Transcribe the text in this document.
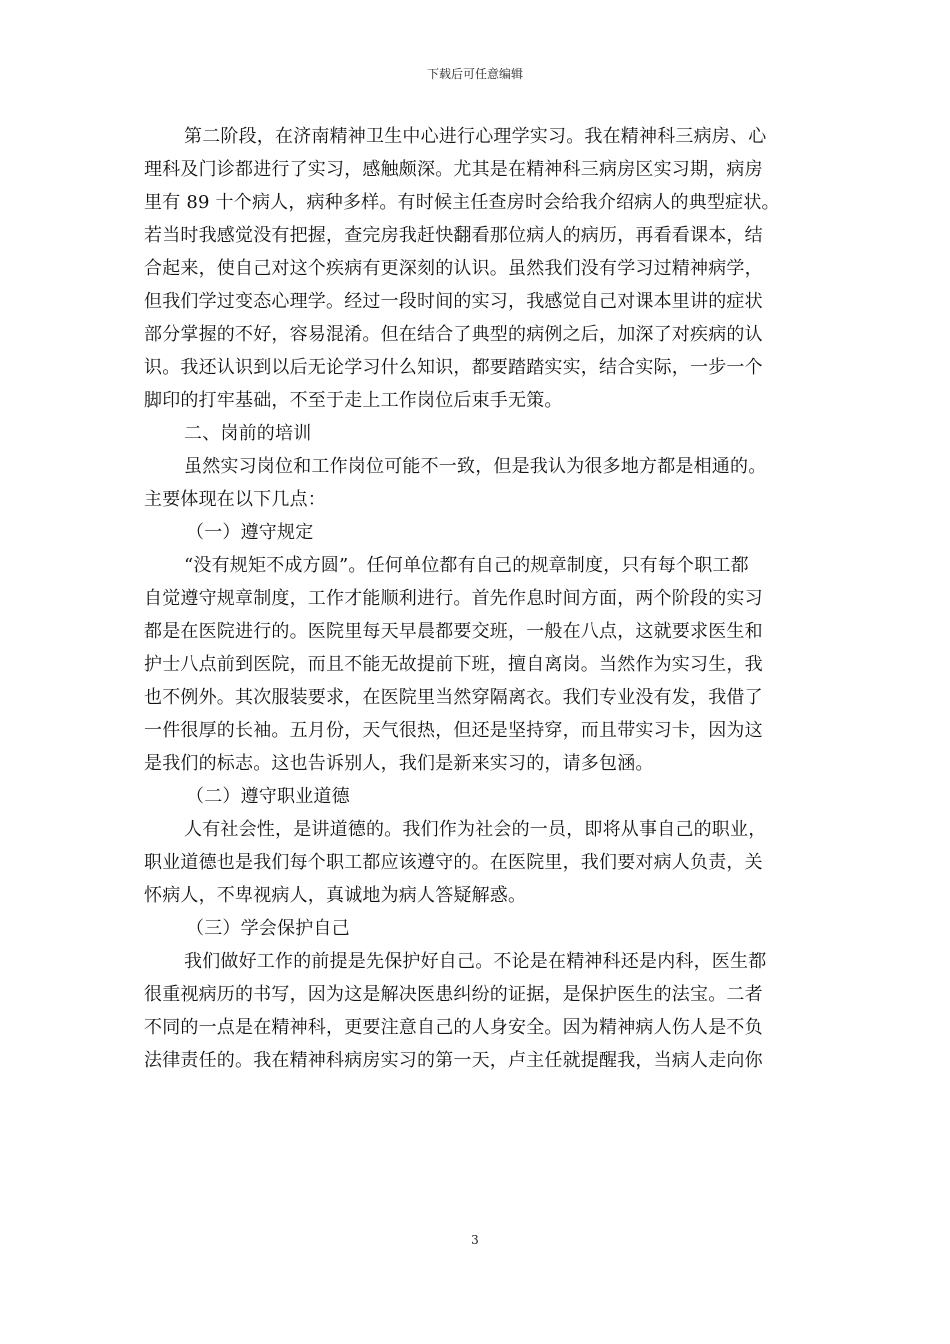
下载后可任意编辑
第二阶段，在济南精神卫生中心进行心理学实习。我在精神科三病房、心
理科及门诊都进行了实习，感触颇深。尤其是在精神科三病房区实习期，病房
里有 89 十个病人，病种多样。有时候主任查房时会给我介绍病人的典型症状。
若当时我感觉没有把握，查完房我赶快翻看那位病人的病历，再看看课本，结
合起来，使自己对这个疾病有更深刻的认识。虽然我们没有学习过精神病学，
但我们学过变态心理学。经过一段时间的实习，我感觉自己对课本里讲的症状
部分掌握的不好，容易混淆。但在结合了典型的病例之后，加深了对疾病的认
识。我还认识到以后无论学习什么知识，都要踏踏实实，结合实际，一步一个
脚印的打牢基础，不至于走上工作岗位后束手无策。
二、岗前的培训
虽然实习岗位和工作岗位可能不一致，但是我认为很多地方都是相通的。
主要体现在以下几点：
（一）遵守规定
“没有规矩不成方圆”。任何单位都有自己的规章制度，只有每个职工都
自觉遵守规章制度，工作才能顺利进行。首先作息时间方面，两个阶段的实习
都是在医院进行的。医院里每天早晨都要交班，一般在八点，这就要求医生和
护士八点前到医院，而且不能无故提前下班，擅自离岗。当然作为实习生，我
也不例外。其次服装要求，在医院里当然穿隔离衣。我们专业没有发，我借了
一件很厚的长袖。五月份，天气很热，但还是坚持穿，而且带实习卡，因为这
是我们的标志。这也告诉别人，我们是新来实习的，请多包涵。
（二）遵守职业道德
人有社会性，是讲道德的。我们作为社会的一员，即将从事自己的职业，
职业道德也是我们每个职工都应该遵守的。在医院里，我们要对病人负责，关
怀病人，不卑视病人，真诚地为病人答疑解惑。
（三）学会保护自己
我们做好工作的前提是先保护好自己。不论是在精神科还是内科，医生都
很重视病历的书写，因为这是解决医患纠纷的证据，是保护医生的法宝。二者
不同的一点是在精神科，更要注意自己的人身安全。因为精神病人伤人是不负
法律责任的。我在精神科病房实习的第一天，卢主任就提醒我，当病人走向你
3
